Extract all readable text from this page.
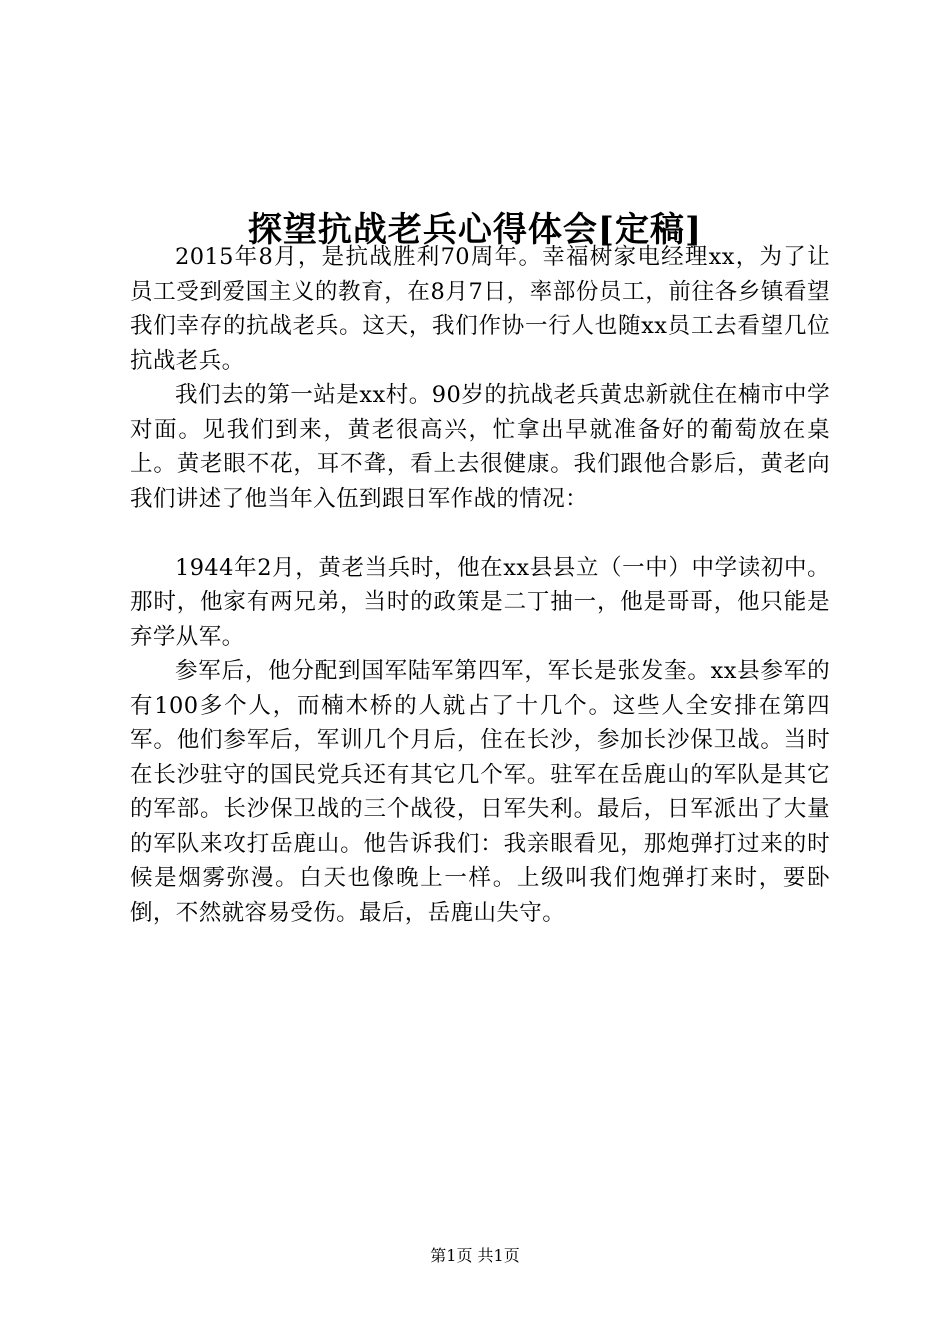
探望抗战老兵心得体会[定稿]

2015年8月，是抗战胜利70周年。幸福树家电经理xx，为了让员工受到爱国主义的教育，在8月7日，率部份员工，前往各乡镇看望我们幸存的抗战老兵。这天，我们作协一行人也随xx员工去看望几位抗战老兵。

我们去的第一站是xx村。90岁的抗战老兵黄忠新就住在楠市中学对面。见我们到来，黄老很高兴，忙拿出早就准备好的葡萄放在桌上。黄老眼不花，耳不聋，看上去很健康。我们跟他合影后，黄老向我们讲述了他当年入伍到跟日军作战的情况：

1944年2月，黄老当兵时，他在xx县县立（一中）中学读初中。那时，他家有两兄弟，当时的政策是二丁抽一，他是哥哥，他只能是弃学从军。

参军后，他分配到国军陆军第四军，军长是张发奎。xx县参军的有100多个人，而楠木桥的人就占了十几个。这些人全安排在第四军。他们参军后，军训几个月后，住在长沙，参加长沙保卫战。当时在长沙驻守的国民党兵还有其它几个军。驻军在岳鹿山的军队是其它的军部。长沙保卫战的三个战役，日军失利。最后，日军派出了大量的军队来攻打岳鹿山。他告诉我们：我亲眼看见，那炮弹打过来的时候是烟雾弥漫。白天也像晚上一样。上级叫我们炮弹打来时，要卧倒，不然就容易受伤。最后，岳鹿山失守。

第1页 共1页
